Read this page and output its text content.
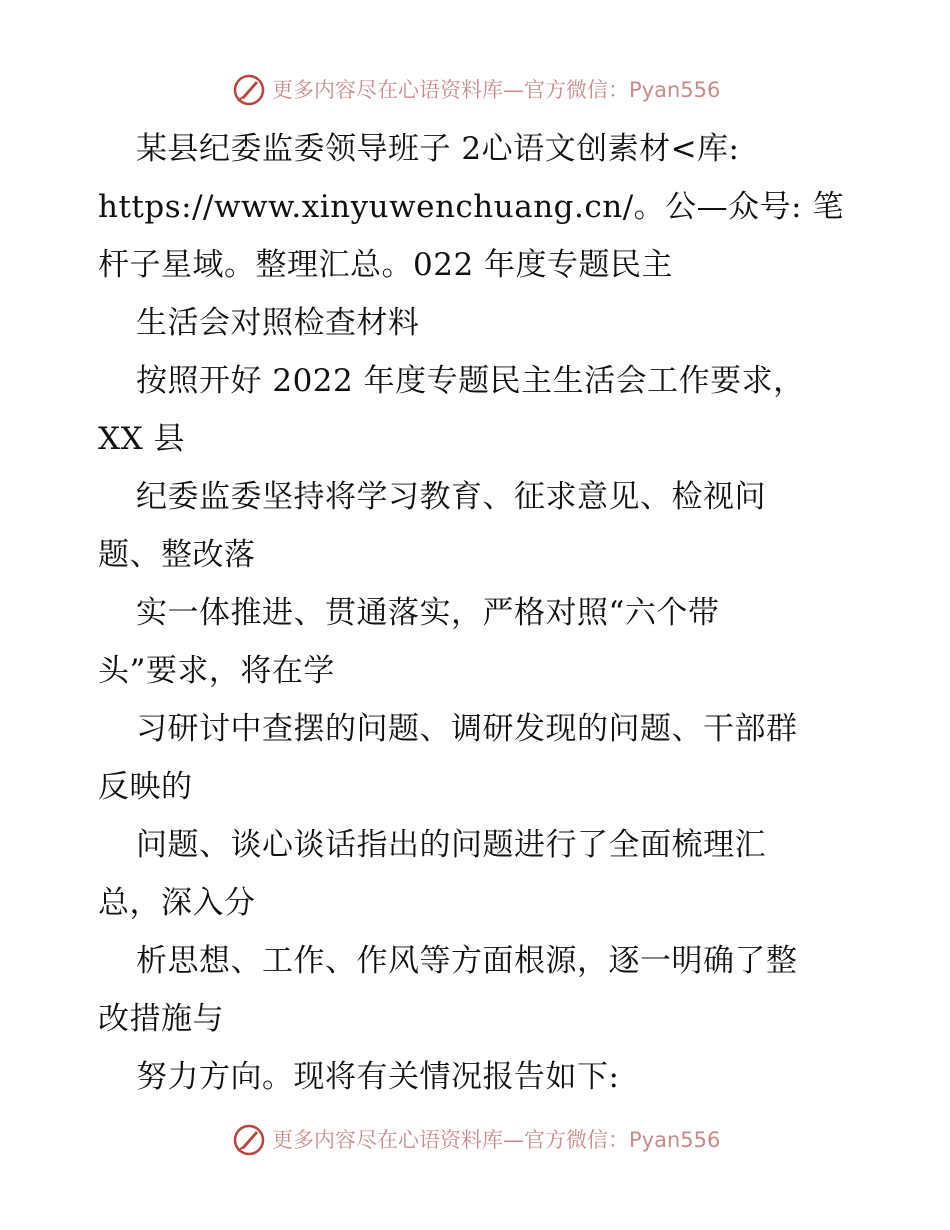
更多内容尽在心语资料库—官方微信：Pyan556
某县纪委监委领导班子 2心语文创素材<库:
https://www.xinyuwenchuang.cn/。公—众号: 笔
杆子星域。整理汇总。022 年度专题民主
生活会对照检查材料
按照开好 2022 年度专题民主生活会工作要求，
XX 县
纪委监委坚持将学习教育、征求意见、检视问
题、整改落
实一体推进、贯通落实，严格对照“六个带
头”要求，将在学
习研讨中查摆的问题、调研发现的问题、干部群
反映的
问题、谈心谈话指出的问题进行了全面梳理汇
总，深入分
析思想、工作、作风等方面根源，逐一明确了整
改措施与
努力方向。现将有关情况报告如下:
更多内容尽在心语资料库—官方微信：Pyan556
